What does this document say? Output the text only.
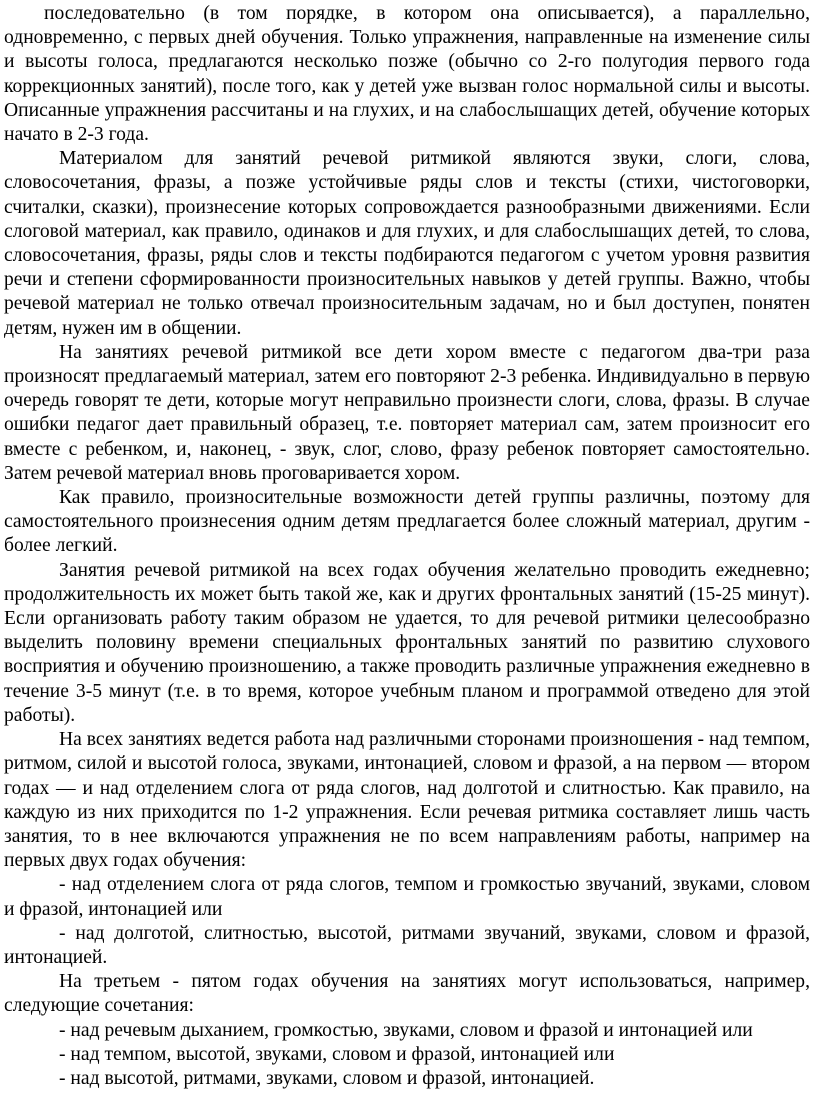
последовательно (в том порядке, в котором она описывается), а параллельно, одновременно, с первых дней обучения. Только упражнения, направленные на изменение силы и высоты голоса, предлагаются несколько позже (обычно со 2-го полугодия первого года коррекционных занятий), после того, как у детей уже вызван голос нормальной силы и высоты. Описанные упражнения рассчитаны и на глухих, и на слабослышащих детей, обучение которых начато в 2-3 года.

Материалом для занятий речевой ритмикой являются звуки, слоги, слова, словосочетания, фразы, а позже устойчивые ряды слов и тексты (стихи, чистоговорки, считалки, сказки), произнесение которых сопровождается разнообразными движениями. Если слоговой материал, как правило, одинаков и для глухих, и для слабослышащих детей, то слова, словосочетания, фразы, ряды слов и тексты подбираются педагогом с учетом уровня развития речи и степени сформированности произносительных навыков у детей группы. Важно, чтобы речевой материал не только отвечал произносительным задачам, но и был доступен, понятен детям, нужен им в общении.

На занятиях речевой ритмикой все дети хором вместе с педагогом два-три раза произносят предлагаемый материал, затем его повторяют 2-3 ребенка. Индивидуально в первую очередь говорят те дети, которые могут неправильно произнести слоги, слова, фразы. В случае ошибки педагог дает правильный образец, т.е. повторяет материал сам, затем произносит его вместе с ребенком, и, наконец, - звук, слог, слово, фразу ребенок повторяет самостоятельно. Затем речевой материал вновь проговаривается хором.

Как правило, произносительные возможности детей группы различны, поэтому для самостоятельного произнесения одним детям предлагается более сложный материал, другим - более легкий.

Занятия речевой ритмикой на всех годах обучения желательно проводить ежедневно; продолжительность их может быть такой же, как и других фронтальных занятий (15-25 минут). Если организовать работу таким образом не удается, то для речевой ритмики целесообразно выделить половину времени специальных фронтальных занятий по развитию слухового восприятия и обучению произношению, а также проводить различные упражнения ежедневно в течение 3-5 минут (т.е. в то время, которое учебным планом и программой отведено для этой работы).

На всех занятиях ведется работа над различными сторонами произношения - над темпом, ритмом, силой и высотой голоса, звуками, интонацией, словом и фразой, а на первом — втором годах — и над отделением слога от ряда слогов, над долготой и слитностью. Как правило, на каждую из них приходится по 1-2 упражнения. Если речевая ритмика составляет лишь часть занятия, то в нее включаются упражнения не по всем направлениям работы, например на первых двух годах обучения:

- над отделением слога от ряда слогов, темпом и громкостью звучаний, звуками, словом и фразой, интонацией или

- над долготой, слитностью, высотой, ритмами звучаний, звуками, словом и фразой, интонацией.

На третьем - пятом годах обучения на занятиях могут использоваться, например, следующие сочетания:

- над речевым дыханием, громкостью, звуками, словом и фразой и интонацией или

- над темпом, высотой, звуками, словом и фразой, интонацией или

- над высотой, ритмами, звуками, словом и фразой, интонацией.
